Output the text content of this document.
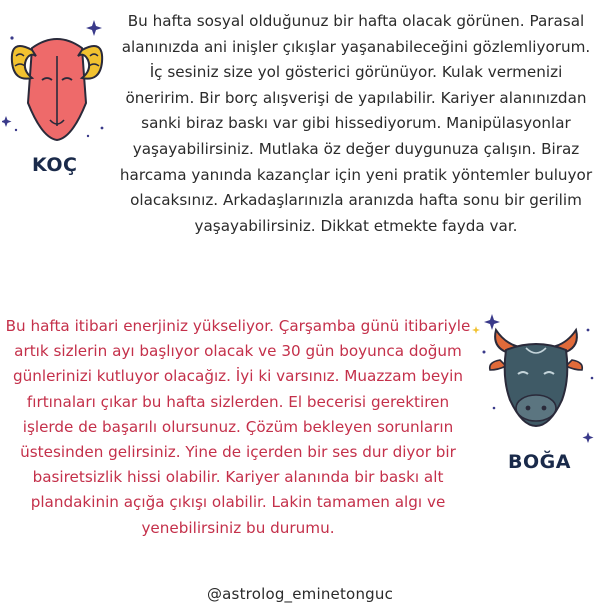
KOÇ

Bu hafta sosyal olduğunuz bir hafta olacak görünen. Parasal alanınızda ani inişler çıkışlar yaşanabileceğini gözlemliyorum. İç sesiniz size yol gösterici görünüyor. Kulak vermenizi öneririm. Bir borç alışverişi de yapılabilir. Kariyer alanınızdan sanki biraz baskı var gibi hissediyorum. Manipülasyonlar yaşayabilirsiniz. Mutlaka öz değer duygunuza çalışın. Biraz harcama yanında kazançlar için yeni pratik yöntemler buluyor olacaksınız. Arkadaşlarınızla aranızda hafta sonu bir gerilim yaşayabilirsiniz. Dikkat etmekte fayda var.

Bu hafta itibari enerjiniz yükseliyor. Çarşamba günü itibariyle artık sizlerin ayı başlıyor olacak ve 30 gün boyunca doğum günlerinizi kutluyor olacağız. İyi ki varsınız. Muazzam beyin fırtınaları çıkar bu hafta sizlerden. El becerisi gerektiren işlerde de başarılı olursunuz. Çözüm bekleyen sorunların üstesinden gelirsiniz. Yine de içerden bir ses dur diyor bir basiretsizlik hissi olabilir. Kariyer alanında bir baskı alt plandakinin açığa çıkışı olabilir. Lakin tamamen algı ve yenebilirsiniz bu durumu.

BOĞA
@astrolog_eminetonguc
